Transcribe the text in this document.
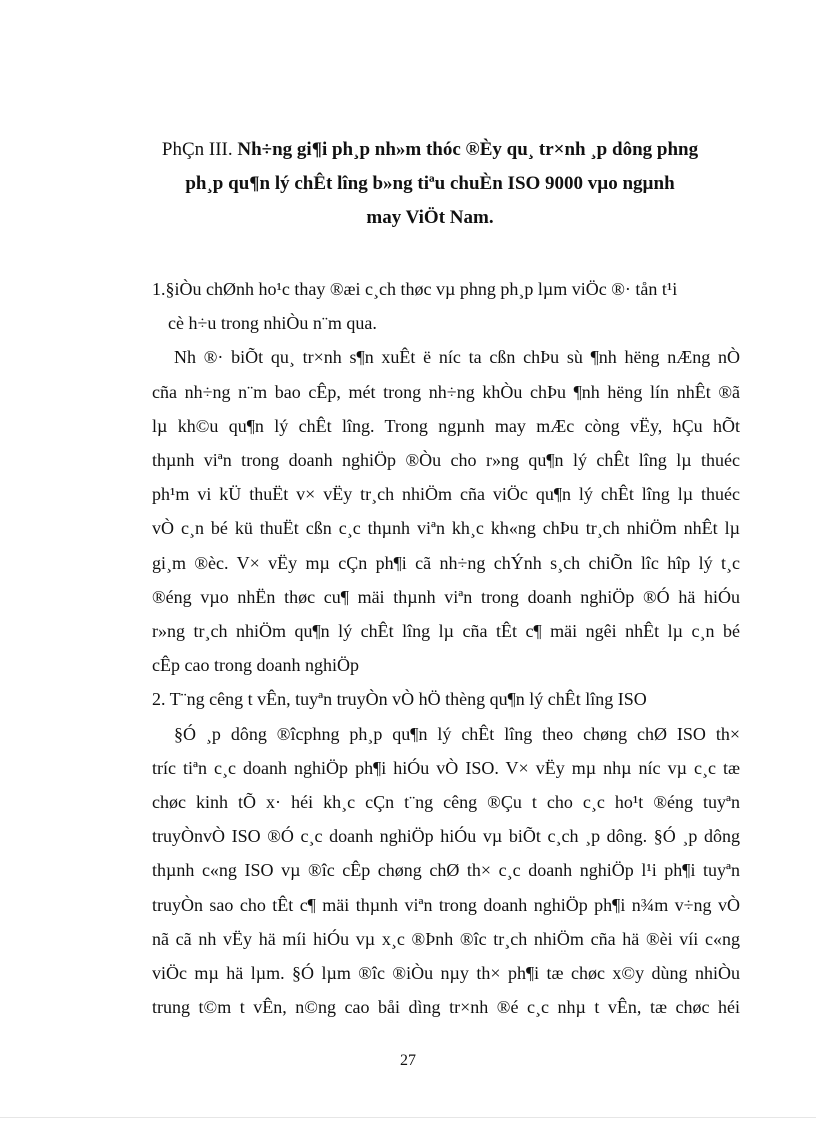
PhÇn III. Nh÷ng gi¶i ph¸p nh»m thóc ®Èy qu¸ tr×nh ¸p dông phng
ph¸p qu¶n lý chÊt lîng b»ng tiªu chuÈn ISO 9000 vµo ngµnh
may ViÖt Nam.
1.§iÒu chØnh ho¹c thay ®æi c¸ch thøc vµ phng ph¸p lµm viÖc ®· tån t¹i
cè h÷u trong nhiÒu n¨m qua.
Nh ®· biÕt qu¸ tr×nh s¶n xuÊt ë níc ta cßn chÞu sù ¶nh hëng nÆng nÒ
cña nh÷ng n¨m bao cÊp, mét trong nh÷ng khÒu chÞu ¶nh hëng lín nhÊt ®ã
lµ kh©u qu¶n lý chÊt lîng. Trong ngµnh may mÆc còng vËy, hÇu hÕt
thµnh viªn trong doanh nghiÖp ®Òu cho r»ng qu¶n lý chÊt lîng lµ thuéc
ph¹m vi kÜ thuËt v× vËy tr¸ch nhiÖm cña viÖc qu¶n lý chÊt lîng lµ thuéc
vÒ c¸n bé kü thuËt cßn c¸c thµnh viªn kh¸c kh«ng chÞu tr¸ch nhiÖm nhÊt lµ
gi¸m ®èc. V× vËy mµ cÇn ph¶i cã nh÷ng chÝnh s¸ch chiÕn lîc hîp lý t¸c
®éng vµo nhËn thøc cu¶ mäi thµnh viªn trong doanh nghiÖp ®Ó hä hiÓu
r»ng tr¸ch nhiÖm qu¶n lý chÊt lîng lµ cña tÊt c¶ mäi ngêi nhÊt lµ c¸n bé
cÊp cao trong doanh nghiÖp
2. T¨ng cêng t vÊn, tuyªn truyÒn vÒ hÖ thèng qu¶n lý chÊt lîng ISO
§Ó ¸p dông ®îcphng ph¸p qu¶n lý chÊt lîng theo chøng chØ ISO th×
tríc tiªn c¸c doanh nghiÖp ph¶i hiÓu vÒ ISO. V× vËy mµ nhµ níc vµ c¸c tæ
chøc kinh tÕ x· héi kh¸c cÇn t¨ng cêng ®Çu t cho c¸c ho¹t ®éng tuyªn
truyÒnvÒ ISO ®Ó c¸c doanh nghiÖp hiÓu vµ biÕt c¸ch ¸p dông. §Ó ¸p dông
thµnh c«ng ISO vµ ®îc cÊp chøng chØ th× c¸c doanh nghiÖp l¹i ph¶i tuyªn
truyÒn sao cho tÊt c¶ mäi thµnh viªn trong doanh nghiÖp ph¶i n¾m v÷ng vÒ
nã cã nh vËy hä míi hiÓu vµ x¸c ®Þnh ®îc tr¸ch nhiÖm cña hä ®èi víi c«ng
viÖc mµ hä lµm. §Ó lµm ®îc ®iÒu nµy th× ph¶i tæ chøc x©y dùng nhiÒu
trung t©m t vÊn, n©ng cao båi dìng tr×nh ®é c¸c nhµ t vÊn, tæ chøc héi
27
